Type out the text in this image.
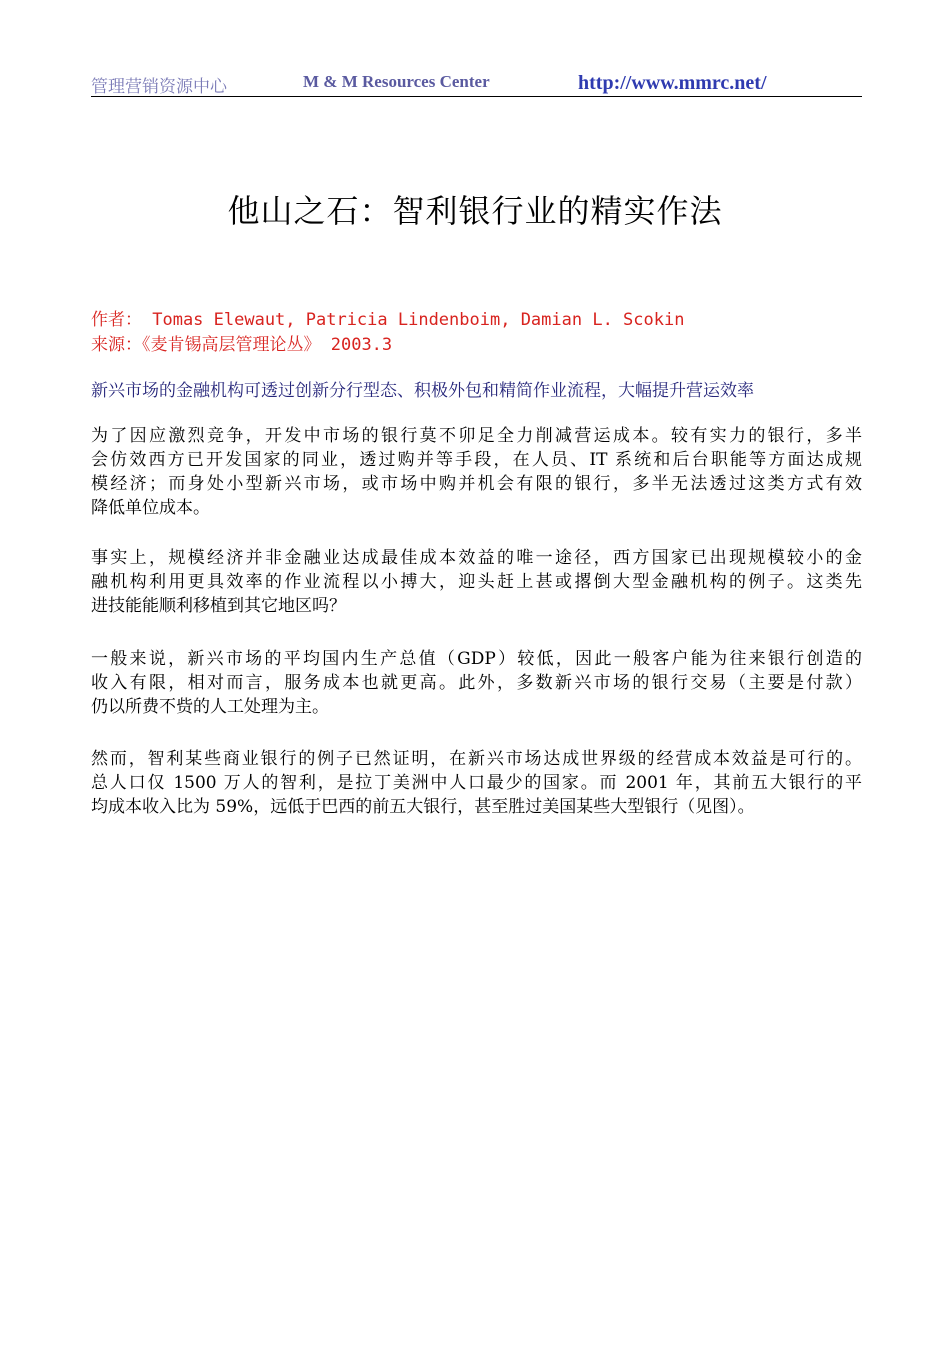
管理营销资源中心	M & M Resources Center	http://www.mmrc.net/
他山之石：智利银行业的精实作法
作者： Tomas Elewaut, Patricia Lindenboim, Damian L. Scokin
来源：《麦肯锡高层管理论丛》 2003.3

新兴市场的金融机构可透过创新分行型态、积极外包和精简作业流程，大幅提升营运效率

为了因应激烈竞争，开发中市场的银行莫不卯足全力削减营运成本。较有实力的银行，多半
会仿效西方已开发国家的同业，透过购并等手段，在人员、IT 系统和后台职能等方面达成规
模经济；而身处小型新兴市场，或市场中购并机会有限的银行，多半无法透过这类方式有效
降低单位成本。

事实上，规模经济并非金融业达成最佳成本效益的唯一途径，西方国家已出现规模较小的金
融机构利用更具效率的作业流程以小搏大，迎头赶上甚或撂倒大型金融机构的例子。这类先
进技能能顺利移植到其它地区吗？

一般来说，新兴市场的平均国内生产总值（GDP）较低，因此一般客户能为往来银行创造的
收入有限，相对而言，服务成本也就更高。此外，多数新兴市场的银行交易（主要是付款）
仍以所费不赀的人工处理为主。

然而，智利某些商业银行的例子已然证明，在新兴市场达成世界级的经营成本效益是可行的。
总人口仅 1500 万人的智利，是拉丁美洲中人口最少的国家。而 2001 年，其前五大银行的平
均成本收入比为 59%，远低于巴西的前五大银行，甚至胜过美国某些大型银行（见图）。
